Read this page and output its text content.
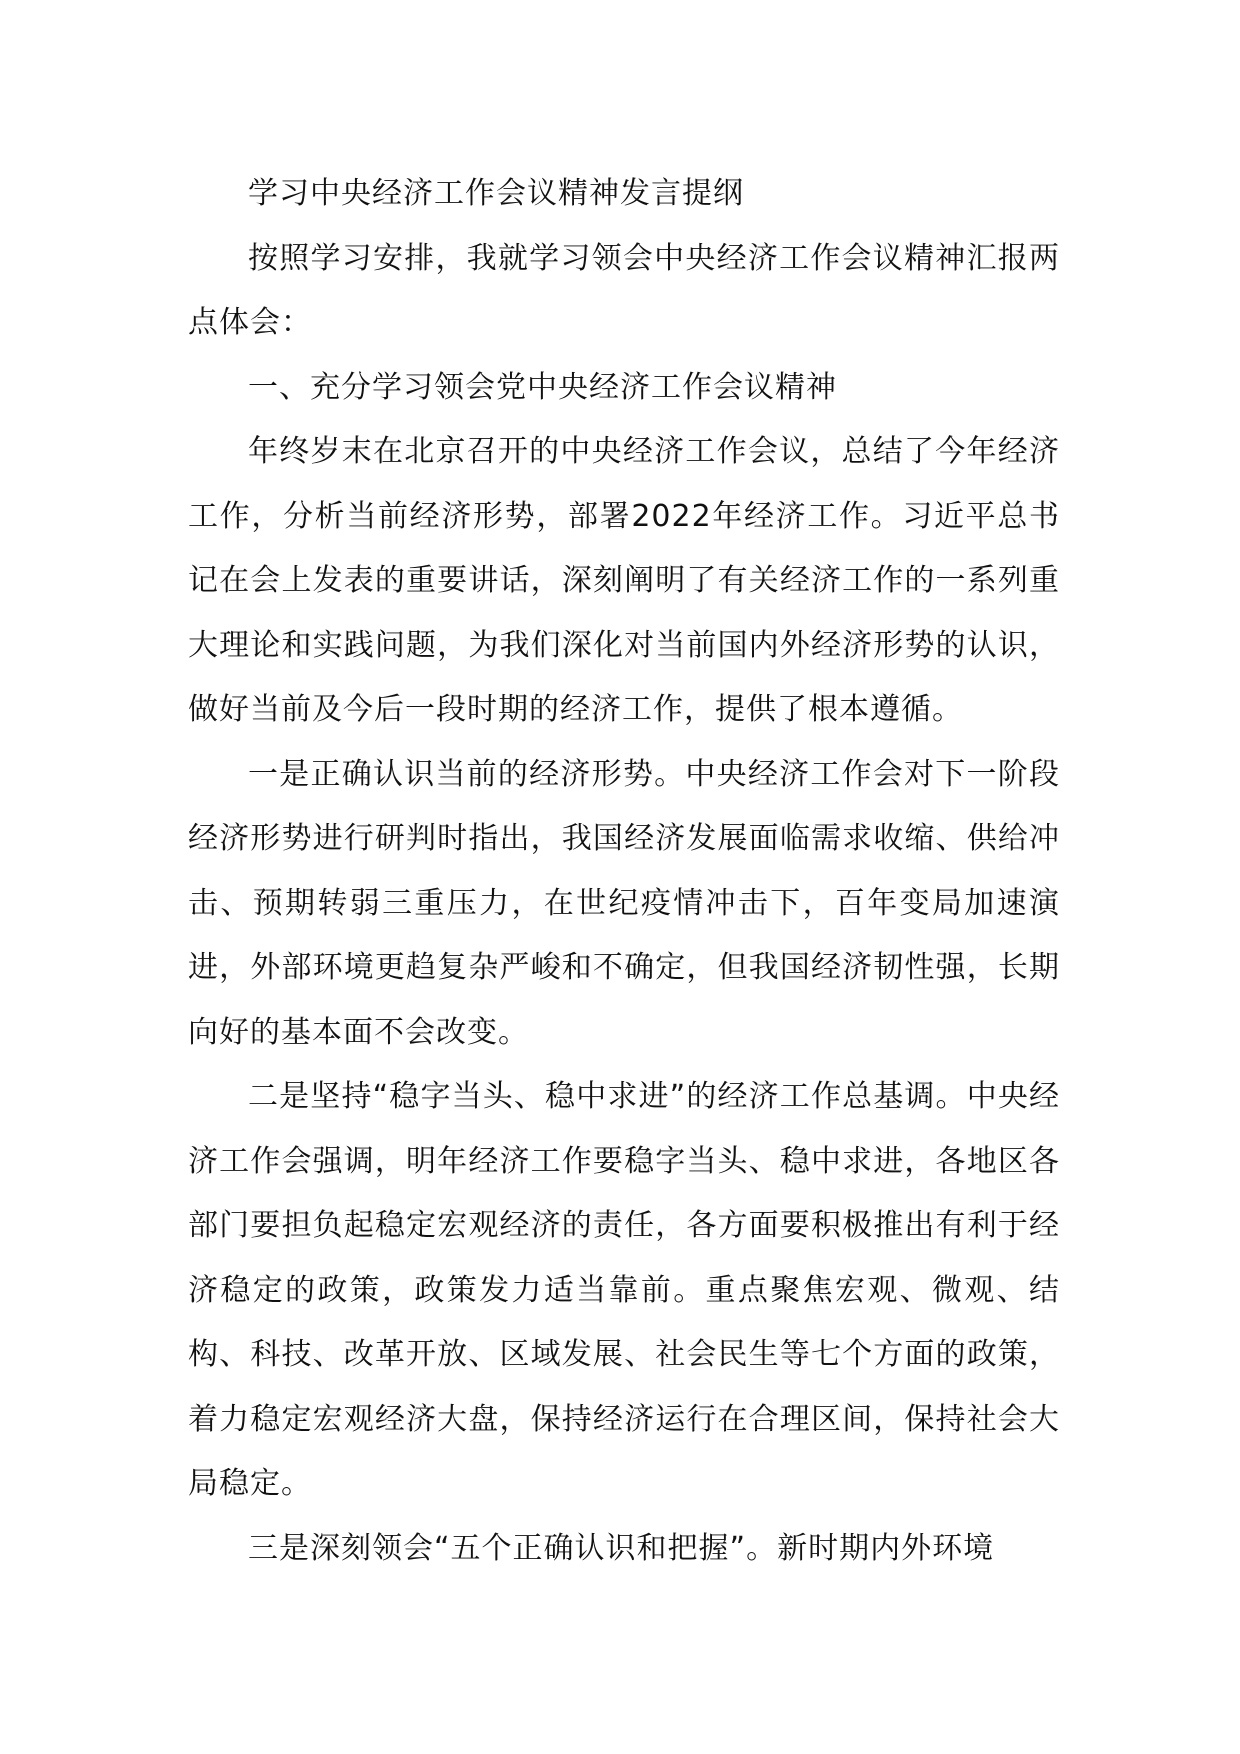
学习中央经济工作会议精神发言提纲

按照学习安排，我就学习领会中央经济工作会议精神汇报两点体会：

一、充分学习领会党中央经济工作会议精神

年终岁末在北京召开的中央经济工作会议，总结了今年经济工作，分析当前经济形势，部署2022年经济工作。习近平总书记在会上发表的重要讲话，深刻阐明了有关经济工作的一系列重大理论和实践问题，为我们深化对当前国内外经济形势的认识，做好当前及今后一段时期的经济工作，提供了根本遵循。

一是正确认识当前的经济形势。中央经济工作会对下一阶段经济形势进行研判时指出，我国经济发展面临需求收缩、供给冲击、预期转弱三重压力，在世纪疫情冲击下，百年变局加速演进，外部环境更趋复杂严峻和不确定，但我国经济韧性强，长期向好的基本面不会改变。

二是坚持“稳字当头、稳中求进”的经济工作总基调。中央经济工作会强调，明年经济工作要稳字当头、稳中求进，各地区各部门要担负起稳定宏观经济的责任，各方面要积极推出有利于经济稳定的政策，政策发力适当靠前。重点聚焦宏观、微观、结构、科技、改革开放、区域发展、社会民生等七个方面的政策，着力稳定宏观经济大盘，保持经济运行在合理区间，保持社会大局稳定。

三是深刻领会“五个正确认识和把握”。新时期内外环境
